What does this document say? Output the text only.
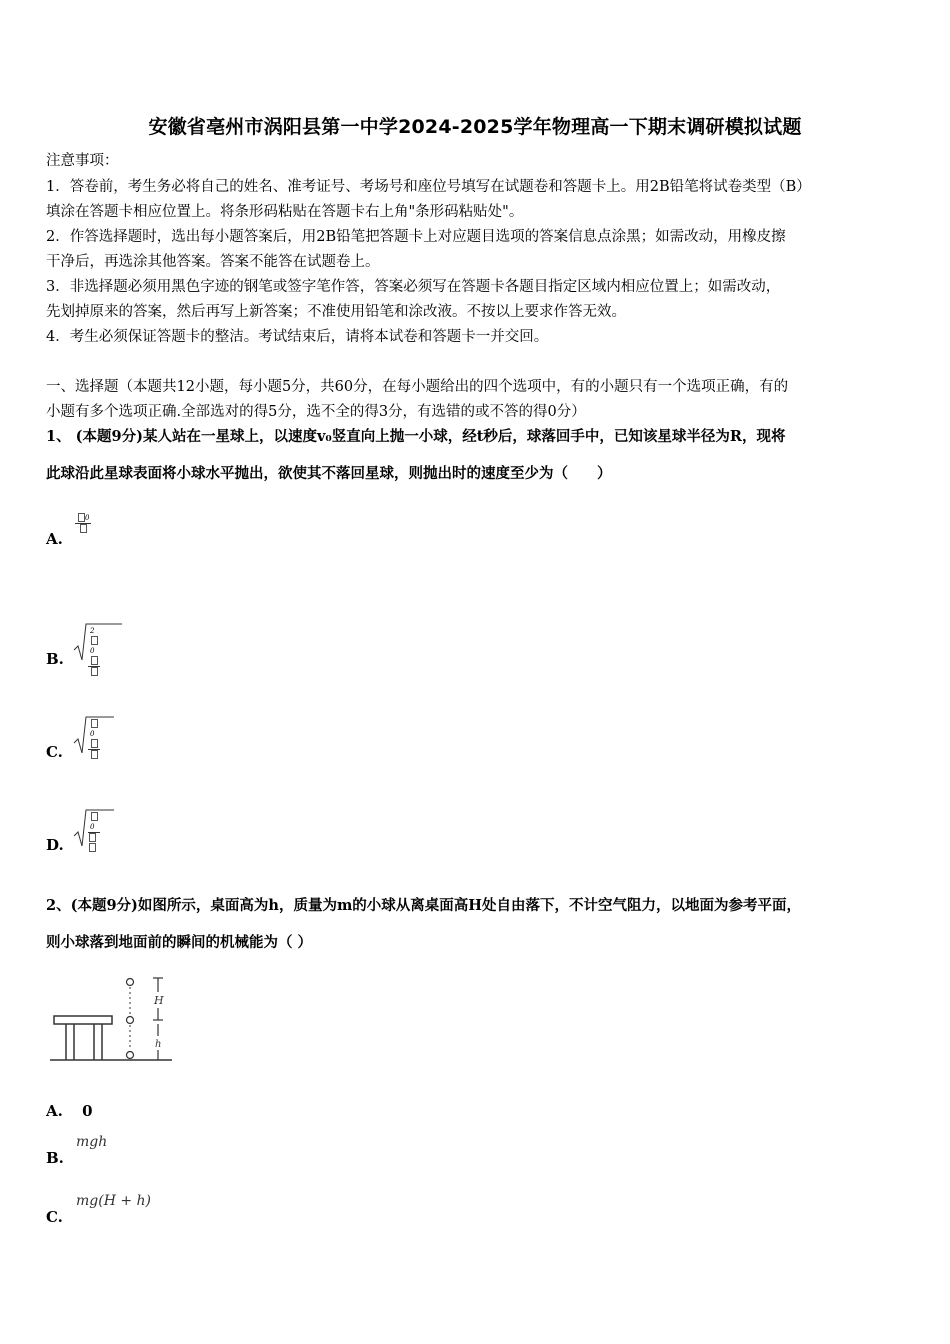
安徽省亳州市涡阳县第一中学2024-2025学年物理高一下期末调研模拟试题
注意事项：
1．答卷前，考生务必将自己的姓名、准考证号、考场号和座位号填写在试题卷和答题卡上。用2B铅笔将试卷类型（B）
填涂在答题卡相应位置上。将条形码粘贴在答题卡右上角"条形码粘贴处"。
2．作答选择题时，选出每小题答案后，用2B铅笔把答题卡上对应题目选项的答案信息点涂黑；如需改动，用橡皮擦
干净后，再选涂其他答案。答案不能答在试题卷上。
3．非选择题必须用黑色字迹的钢笔或签字笔作答，答案必须写在答题卡各题目指定区域内相应位置上；如需改动，
先划掉原来的答案，然后再写上新答案；不准使用铅笔和涂改液。不按以上要求作答无效。
4．考生必须保证答题卡的整洁。考试结束后，请将本试卷和答题卡一并交回。
一、选择题（本题共12小题，每小题5分，共60分，在每小题给出的四个选项中，有的小题只有一个选项正确，有的
小题有多个选项正确.全部选对的得5分，选不全的得3分，有选错的或不答的得0分）
1、 (本题9分)某人站在一星球上，以速度v₀竖直向上抛一小球，经t秒后，球落回手中，已知该星球半径为R，现将
此球沿此星球表面将小球水平抛出，欲使其不落回星球，则抛出时的速度至少为（　　）
A.
0
B.
20
C.
0
D.
0
2、(本题9分)如图所示，桌面高为h，质量为m的小球从离桌面高H处自由落下，不计空气阻力，以地面为参考平面，
则小球落到地面前的瞬间的机械能为（ ）
H
h
A. 0
B.
mgh
C.
mg(H + h)
